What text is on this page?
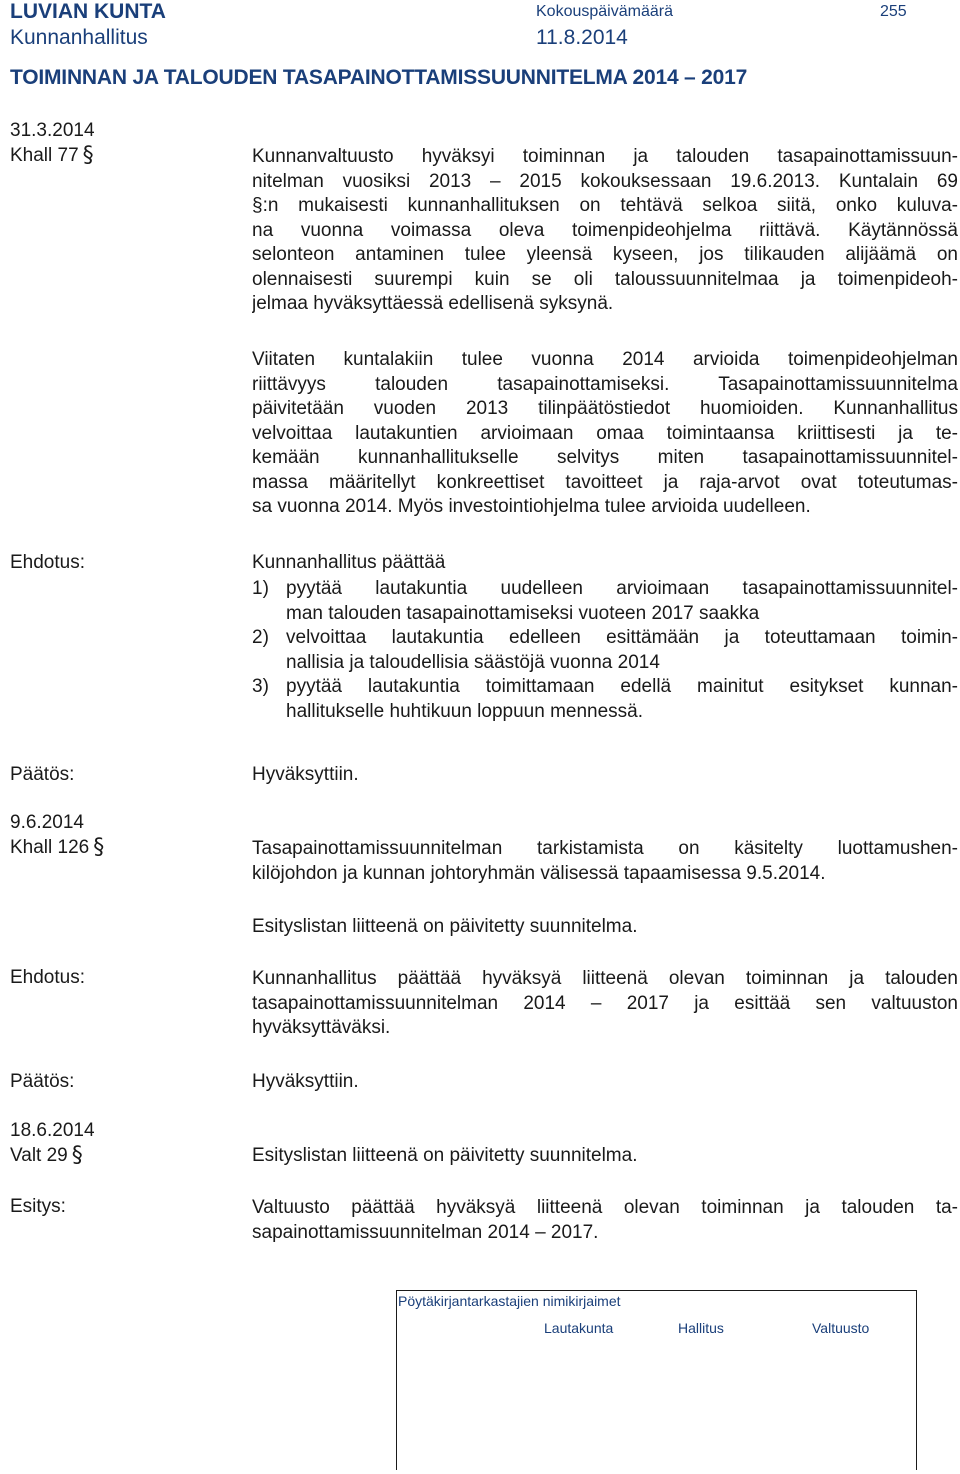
LUVIAN KUNTA
Kunnanhallitus
Kokouspäivämäärä
11.8.2014
255
TOIMINNAN JA TALOUDEN TASAPAINOTTAMISSUUNNITELMA 2014 – 2017
31.3.2014
Khall 77 §	Kunnanvaltuusto hyväksyi toiminnan ja talouden tasapainottamissuun-
nitelman vuosiksi 2013 – 2015 kokouksessaan 19.6.2013. Kuntalain 69
§:n mukaisesti kunnanhallituksen on tehtävä selkoa siitä, onko kuluva-
na vuonna voimassa oleva toimenpideohjelma riittävä. Käytännössä
selonteon antaminen tulee yleensä kyseen, jos tilikauden alijäämä on
olennaisesti suurempi kuin se oli taloussuunnitelmaa ja toimenpideoh-
jelmaa hyväksyttäessä edellisenä syksynä.
Viitaten kuntalakiin tulee vuonna 2014 arvioida toimenpideohjelman
riittävyys talouden tasapainottamiseksi. Tasapainottamissuunnitelma
päivitetään vuoden 2013 tilinpäätöstiedot huomioiden. Kunnanhallitus
velvoittaa lautakuntien arvioimaan omaa toimintaansa kriittisesti ja te-
kemään kunnanhallitukselle selvitys miten tasapainottamissuunnitel-
massa määritellyt konkreettiset tavoitteet ja raja-arvot ovat toteutumas-
sa vuonna 2014. Myös investointiohjelma tulee arvioida uudelleen.
Ehdotus:	Kunnanhallitus päättää
1) pyytää lautakuntia uudelleen arvioimaan tasapainottamissuunnitel-
man talouden tasapainottamiseksi vuoteen 2017 saakka
2) velvoittaa lautakuntia edelleen esittämään ja toteuttamaan toimin-
nallisia ja taloudellisia säästöjä vuonna 2014
3) pyytää lautakuntia toimittamaan edellä mainitut esitykset kunnan-
hallitukselle huhtikuun loppuun mennessä.
Päätös:	Hyväksyttiin.
9.6.2014
Khall 126 §	Tasapainottamissuunnitelman tarkistamista on käsitelty luottamushen-
kilöjohdon ja kunnan johtoryhmän välisessä tapaamisessa 9.5.2014.
Esityslistan liitteenä on päivitetty suunnitelma.
Ehdotus:	Kunnanhallitus päättää hyväksyä liitteenä olevan toiminnan ja talouden
tasapainottamissuunnitelman 2014 – 2017 ja esittää sen valtuuston
hyväksyttäväksi.
Päätös:	Hyväksyttiin.
18.6.2014
Valt 29 §	Esityslistan liitteenä on päivitetty suunnitelma.
Esitys:	Valtuusto päättää hyväksyä liitteenä olevan toiminnan ja talouden ta-
sapainottamissuunnitelman 2014 – 2017.
Pöytäkirjantarkastajien nimikirjaimet
Lautakunta	Hallitus	Valtuusto
